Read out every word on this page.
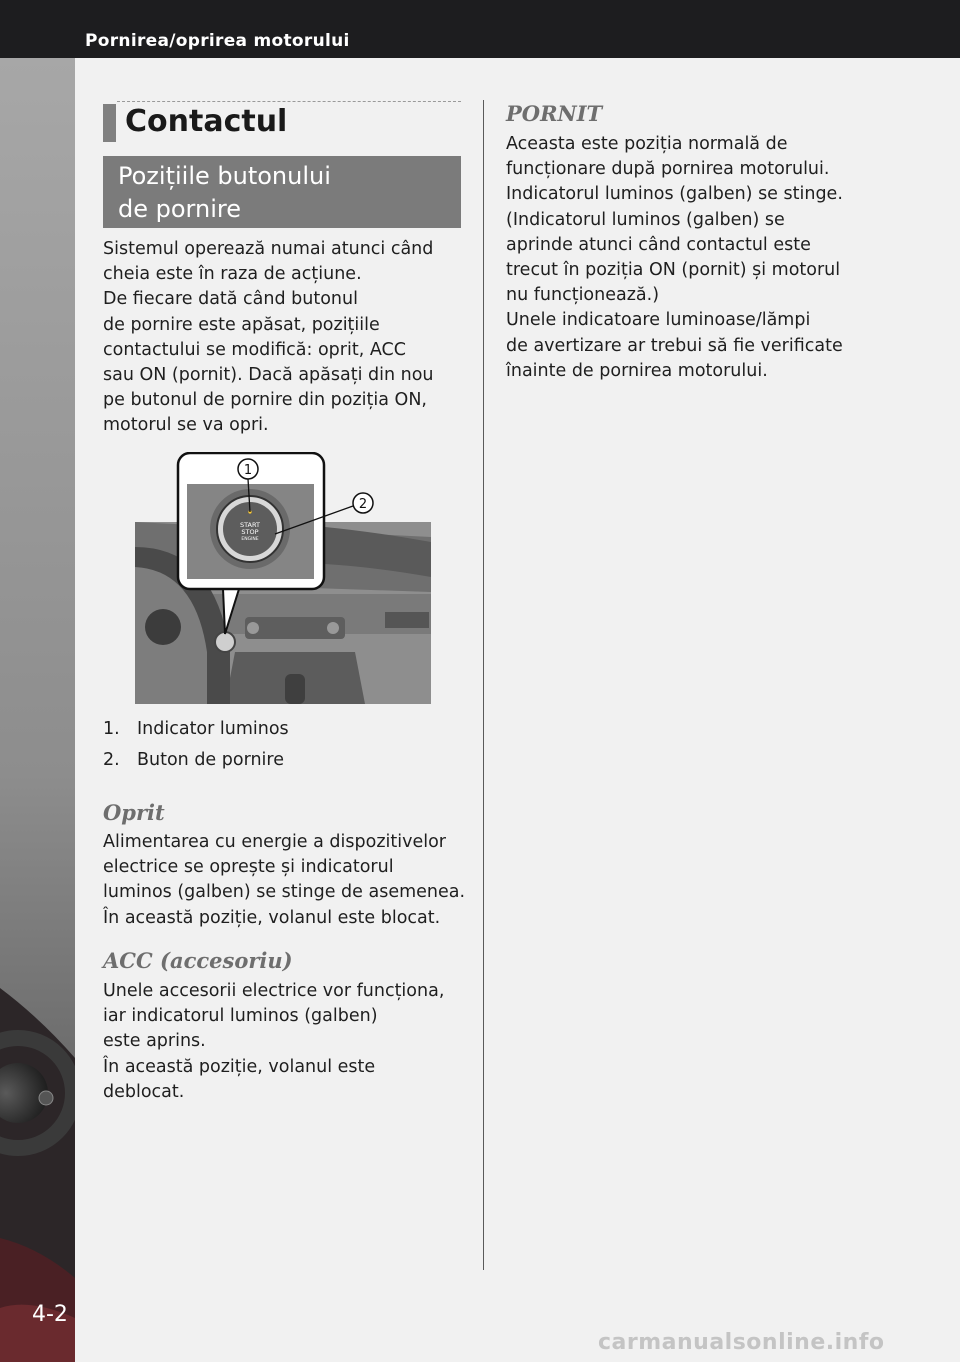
Pornirea/oprirea motorului
4-2
Contactul
Pozițiile butonului
de pornire
Sistemul operează numai atunci când
cheia este în raza de acțiune.
De fiecare dată când butonul
de pornire este apăsat, pozițiile
contactului se modifică: oprit, ACC
sau ON (pornit). Dacă apăsați din nou
pe butonul de pornire din poziția ON,
motorul se va opri.
START
STOP
ENGINE
1
2
1. Indicator luminos
2. Buton de pornire
Oprit
Alimentarea cu energie a dispozitivelor
electrice se oprește și indicatorul
luminos (galben) se stinge de asemenea.
În această poziție, volanul este blocat.
ACC (accesoriu)
Unele accesorii electrice vor funcționa,
iar indicatorul luminos (galben)
este aprins.
În această poziție, volanul este
deblocat.
PORNIT
Aceasta este poziția normală de
funcționare după pornirea motorului.
Indicatorul luminos (galben) se stinge.
(Indicatorul luminos (galben) se
aprinde atunci când contactul este
trecut în poziția ON (pornit) și motorul
nu funcționează.)
Unele indicatoare luminoase/lămpi
de avertizare ar trebui să fie verificate
înainte de pornirea motorului.
carmanualsonline.info
